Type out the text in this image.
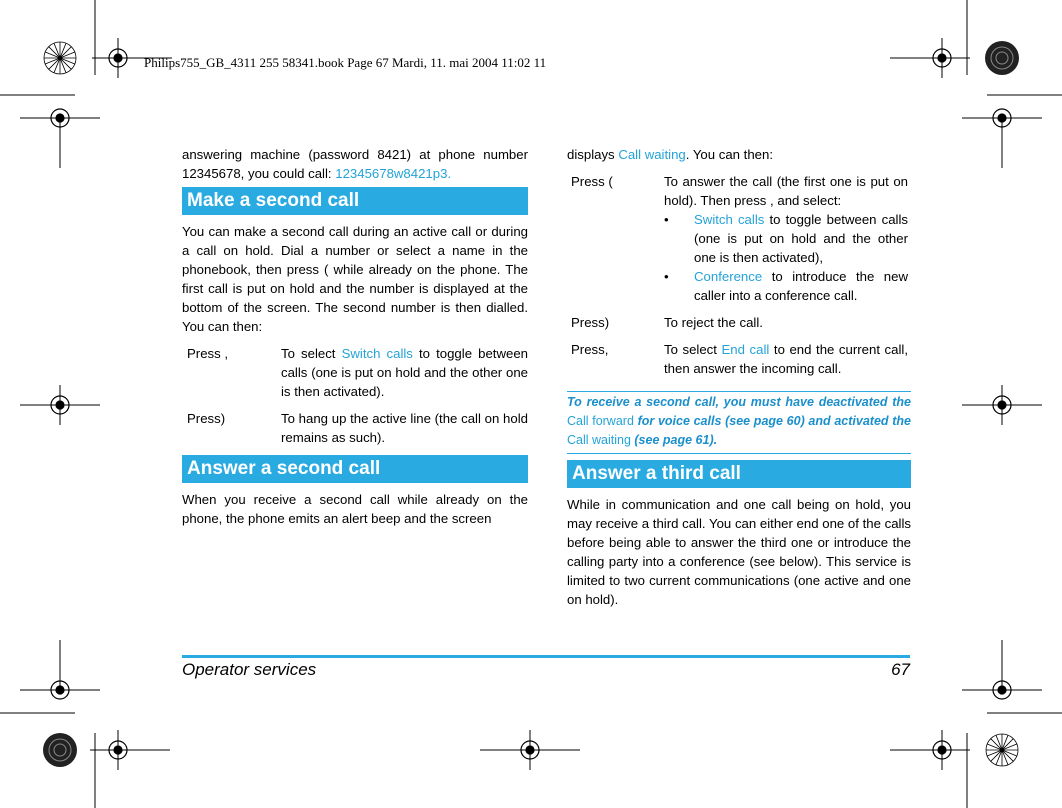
Philips755_GB_4311 255 58341.book Page 67 Mardi, 11. mai 2004 11:02 11
answering machine (password 8421) at phone number 12345678, you could call: 12345678w8421p3.
Make a second call
You can make a second call during an active call or during a call on hold. Dial a number or select a name in the phonebook, then press ( while already on the phone. The first call is put on hold and the number is displayed at the bottom of the screen. The second number is then dialled. You can then:
Press ,	To select Switch calls to toggle between calls (one is put on hold and the other one is then activated).
Press)	To hang up the active line (the call on hold remains as such).
Answer a second call
When you receive a second call while already on the phone, the phone emits an alert beep and the screen
displays Call waiting. You can then:
Press (	To answer the call (the first one is put on hold). Then press , and select:
• Switch calls to toggle between calls (one is put on hold and the other one is then activated),
• Conference to introduce the new caller into a conference call.
Press)	To reject the call.
Press,	To select End call to end the current call, then answer the incoming call.
To receive a second call, you must have deactivated the Call forward for voice calls (see page 60) and activated the Call waiting (see page 61).
Answer a third call
While in communication and one call being on hold, you may receive a third call. You can either end one of the calls before being able to answer the third one or introduce the calling party into a conference (see below). This service is limited to two current communications (one active and one on hold).
Operator services	67
